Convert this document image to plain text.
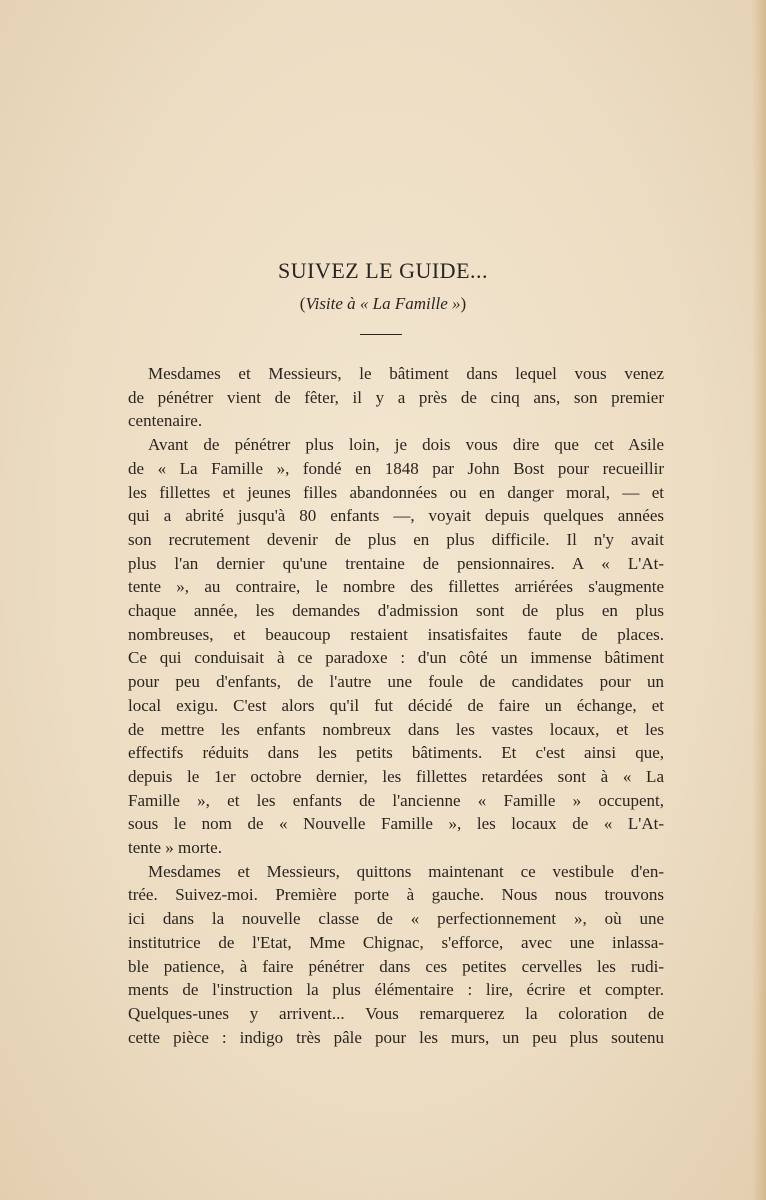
SUIVEZ LE GUIDE...
(Visite à « La Famille »)

Mesdames et Messieurs, le bâtiment dans lequel vous venez
de pénétrer vient de fêter, il y a près de cinq ans, son premier
centenaire.

Avant de pénétrer plus loin, je dois vous dire que cet Asile
de « La Famille », fondé en 1848 par John Bost pour recueillir
les fillettes et jeunes filles abandonnées ou en danger moral, — et
qui a abrité jusqu'à 80 enfants —, voyait depuis quelques années
son recrutement devenir de plus en plus difficile. Il n'y avait
plus l'an dernier qu'une trentaine de pensionnaires. A « L'At-
tente », au contraire, le nombre des fillettes arriérées s'augmente
chaque année, les demandes d'admission sont de plus en plus
nombreuses, et beaucoup restaient insatisfaites faute de places.
Ce qui conduisait à ce paradoxe : d'un côté un immense bâtiment
pour peu d'enfants, de l'autre une foule de candidates pour un
local exigu. C'est alors qu'il fut décidé de faire un échange, et
de mettre les enfants nombreux dans les vastes locaux, et les
effectifs réduits dans les petits bâtiments. Et c'est ainsi que,
depuis le 1er octobre dernier, les fillettes retardées sont à « La
Famille », et les enfants de l'ancienne « Famille » occupent,
sous le nom de « Nouvelle Famille », les locaux de « L'At-
tente » morte.

Mesdames et Messieurs, quittons maintenant ce vestibule d'en-
trée. Suivez-moi. Première porte à gauche. Nous nous trouvons
ici dans la nouvelle classe de « perfectionnement », où une
institutrice de l'Etat, Mme Chignac, s'efforce, avec une inlassa-
ble patience, à faire pénétrer dans ces petites cervelles les rudi-
ments de l'instruction la plus élémentaire : lire, écrire et compter.
Quelques-unes y arrivent... Vous remarquerez la coloration de
cette pièce : indigo très pâle pour les murs, un peu plus soutenu
